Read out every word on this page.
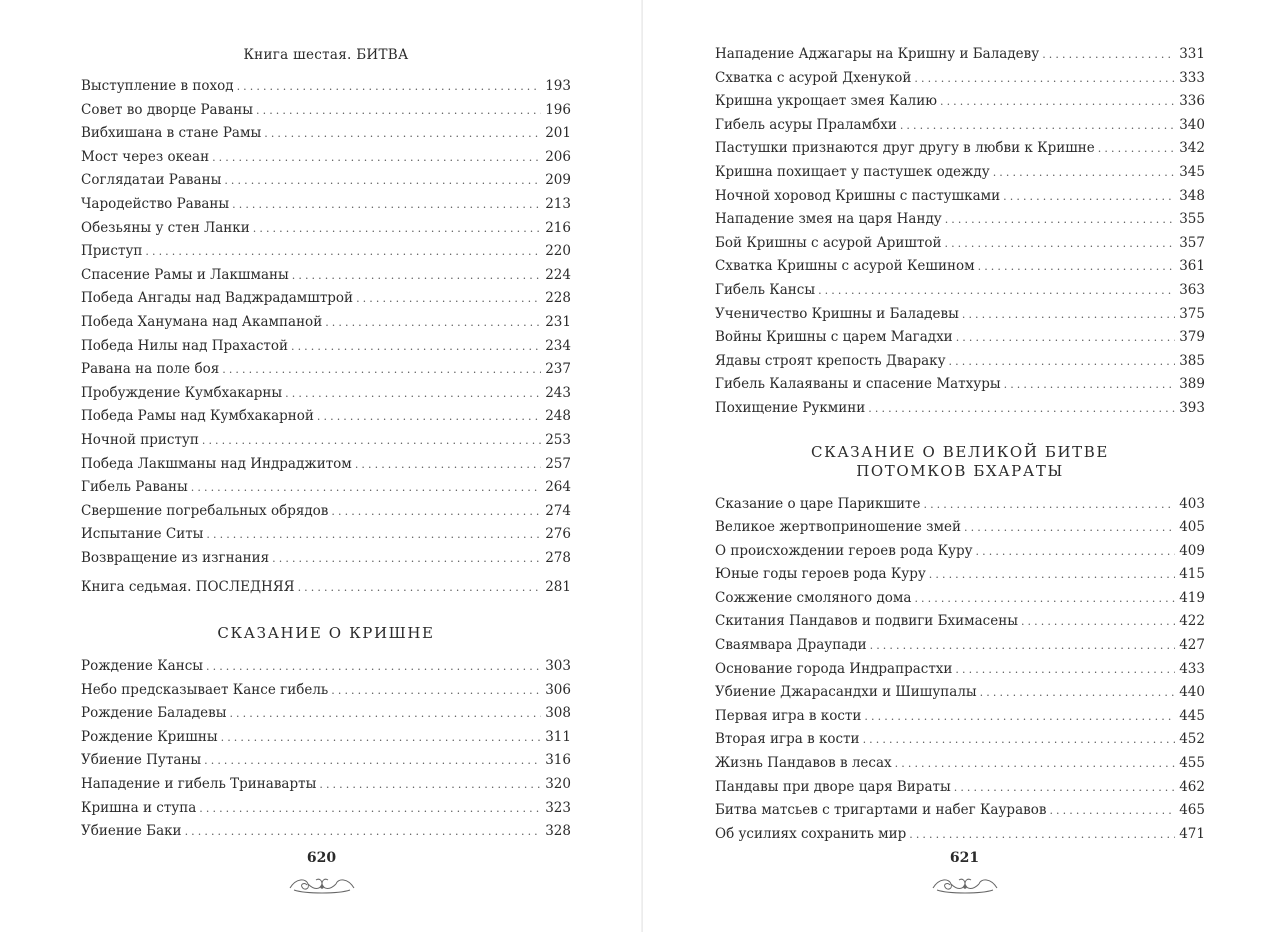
Книга шестая. БИТВА
Выступление в поход .....	193
Совет во дворце Раваны .....	196
Вибхишана в стане Рамы .....	201
Мост через океан .....	206
Соглядатаи Раваны .....	209
Чародейство Раваны .....	213
Обезьяны у стен Ланки .....	216
Приступ .....	220
Спасение Рамы и Лакшманы .....	224
Победа Ангады над Ваджрадамштрой .....	228
Победа Ханумана над Акампаной .....	231
Победа Нилы над Прахастой .....	234
Равана на поле боя .....	237
Пробуждение Кумбхакарны .....	243
Победа Рамы над Кумбхакарной .....	248
Ночной приступ .....	253
Победа Лакшманы над Индраджитом .....	257
Гибель Раваны .....	264
Свершение погребальных обрядов .....	274
Испытание Ситы .....	276
Возвращение из изгнания .....	278
Книга седьмая. ПОСЛЕДНЯЯ .....	281
СКАЗАНИЕ О КРИШНЕ
Рождение Кансы .....	303
Небо предсказывает Кансе гибель .....	306
Рождение Баладевы .....	308
Рождение Кришны .....	311
Убиение Путаны .....	316
Нападение и гибель Тринаварты .....	320
Кришна и ступа .....	323
Убиение Баки .....	328
620
Нападение Аджагары на Кришну и Баладеву .....	331
Схватка с асурой Дхенукой .....	333
Кришна укрощает змея Калию .....	336
Гибель асуры Праламбхи .....	340
Пастушки признаются друг другу в любви к Кришне .....	342
Кришна похищает у пастушек одежду .....	345
Ночной хоровод Кришны с пастушками .....	348
Нападение змея на царя Нанду .....	355
Бой Кришны с асурой Ариштой .....	357
Схватка Кришны с асурой Кешином .....	361
Гибель Кансы .....	363
Ученичество Кришны и Баладевы .....	375
Войны Кришны с царем Магадхи .....	379
Ядавы строят крепость Двараку .....	385
Гибель Калаяваны и спасение Матхуры .....	389
Похищение Рукмини .....	393
СКАЗАНИЕ О ВЕЛИКОЙ БИТВЕ
ПОТОМКОВ БХАРАТЫ
Сказание о царе Парикшите .....	403
Великое жертвоприношение змей .....	405
О происхождении героев рода Куру .....	409
Юные годы героев рода Куру .....	415
Сожжение смоляного дома .....	419
Скитания Пандавов и подвиги Бхимасены .....	422
Сваямвара Драупади .....	427
Основание города Индрапрастхи .....	433
Убиение Джарасандхи и Шишупалы .....	440
Первая игра в кости .....	445
Вторая игра в кости .....	452
Жизнь Пандавов в лесах .....	455
Пандавы при дворе царя Вираты .....	462
Битва матсьев с тригартами и набег Кауравов .....	465
Об усилиях сохранить мир .....	471
621
